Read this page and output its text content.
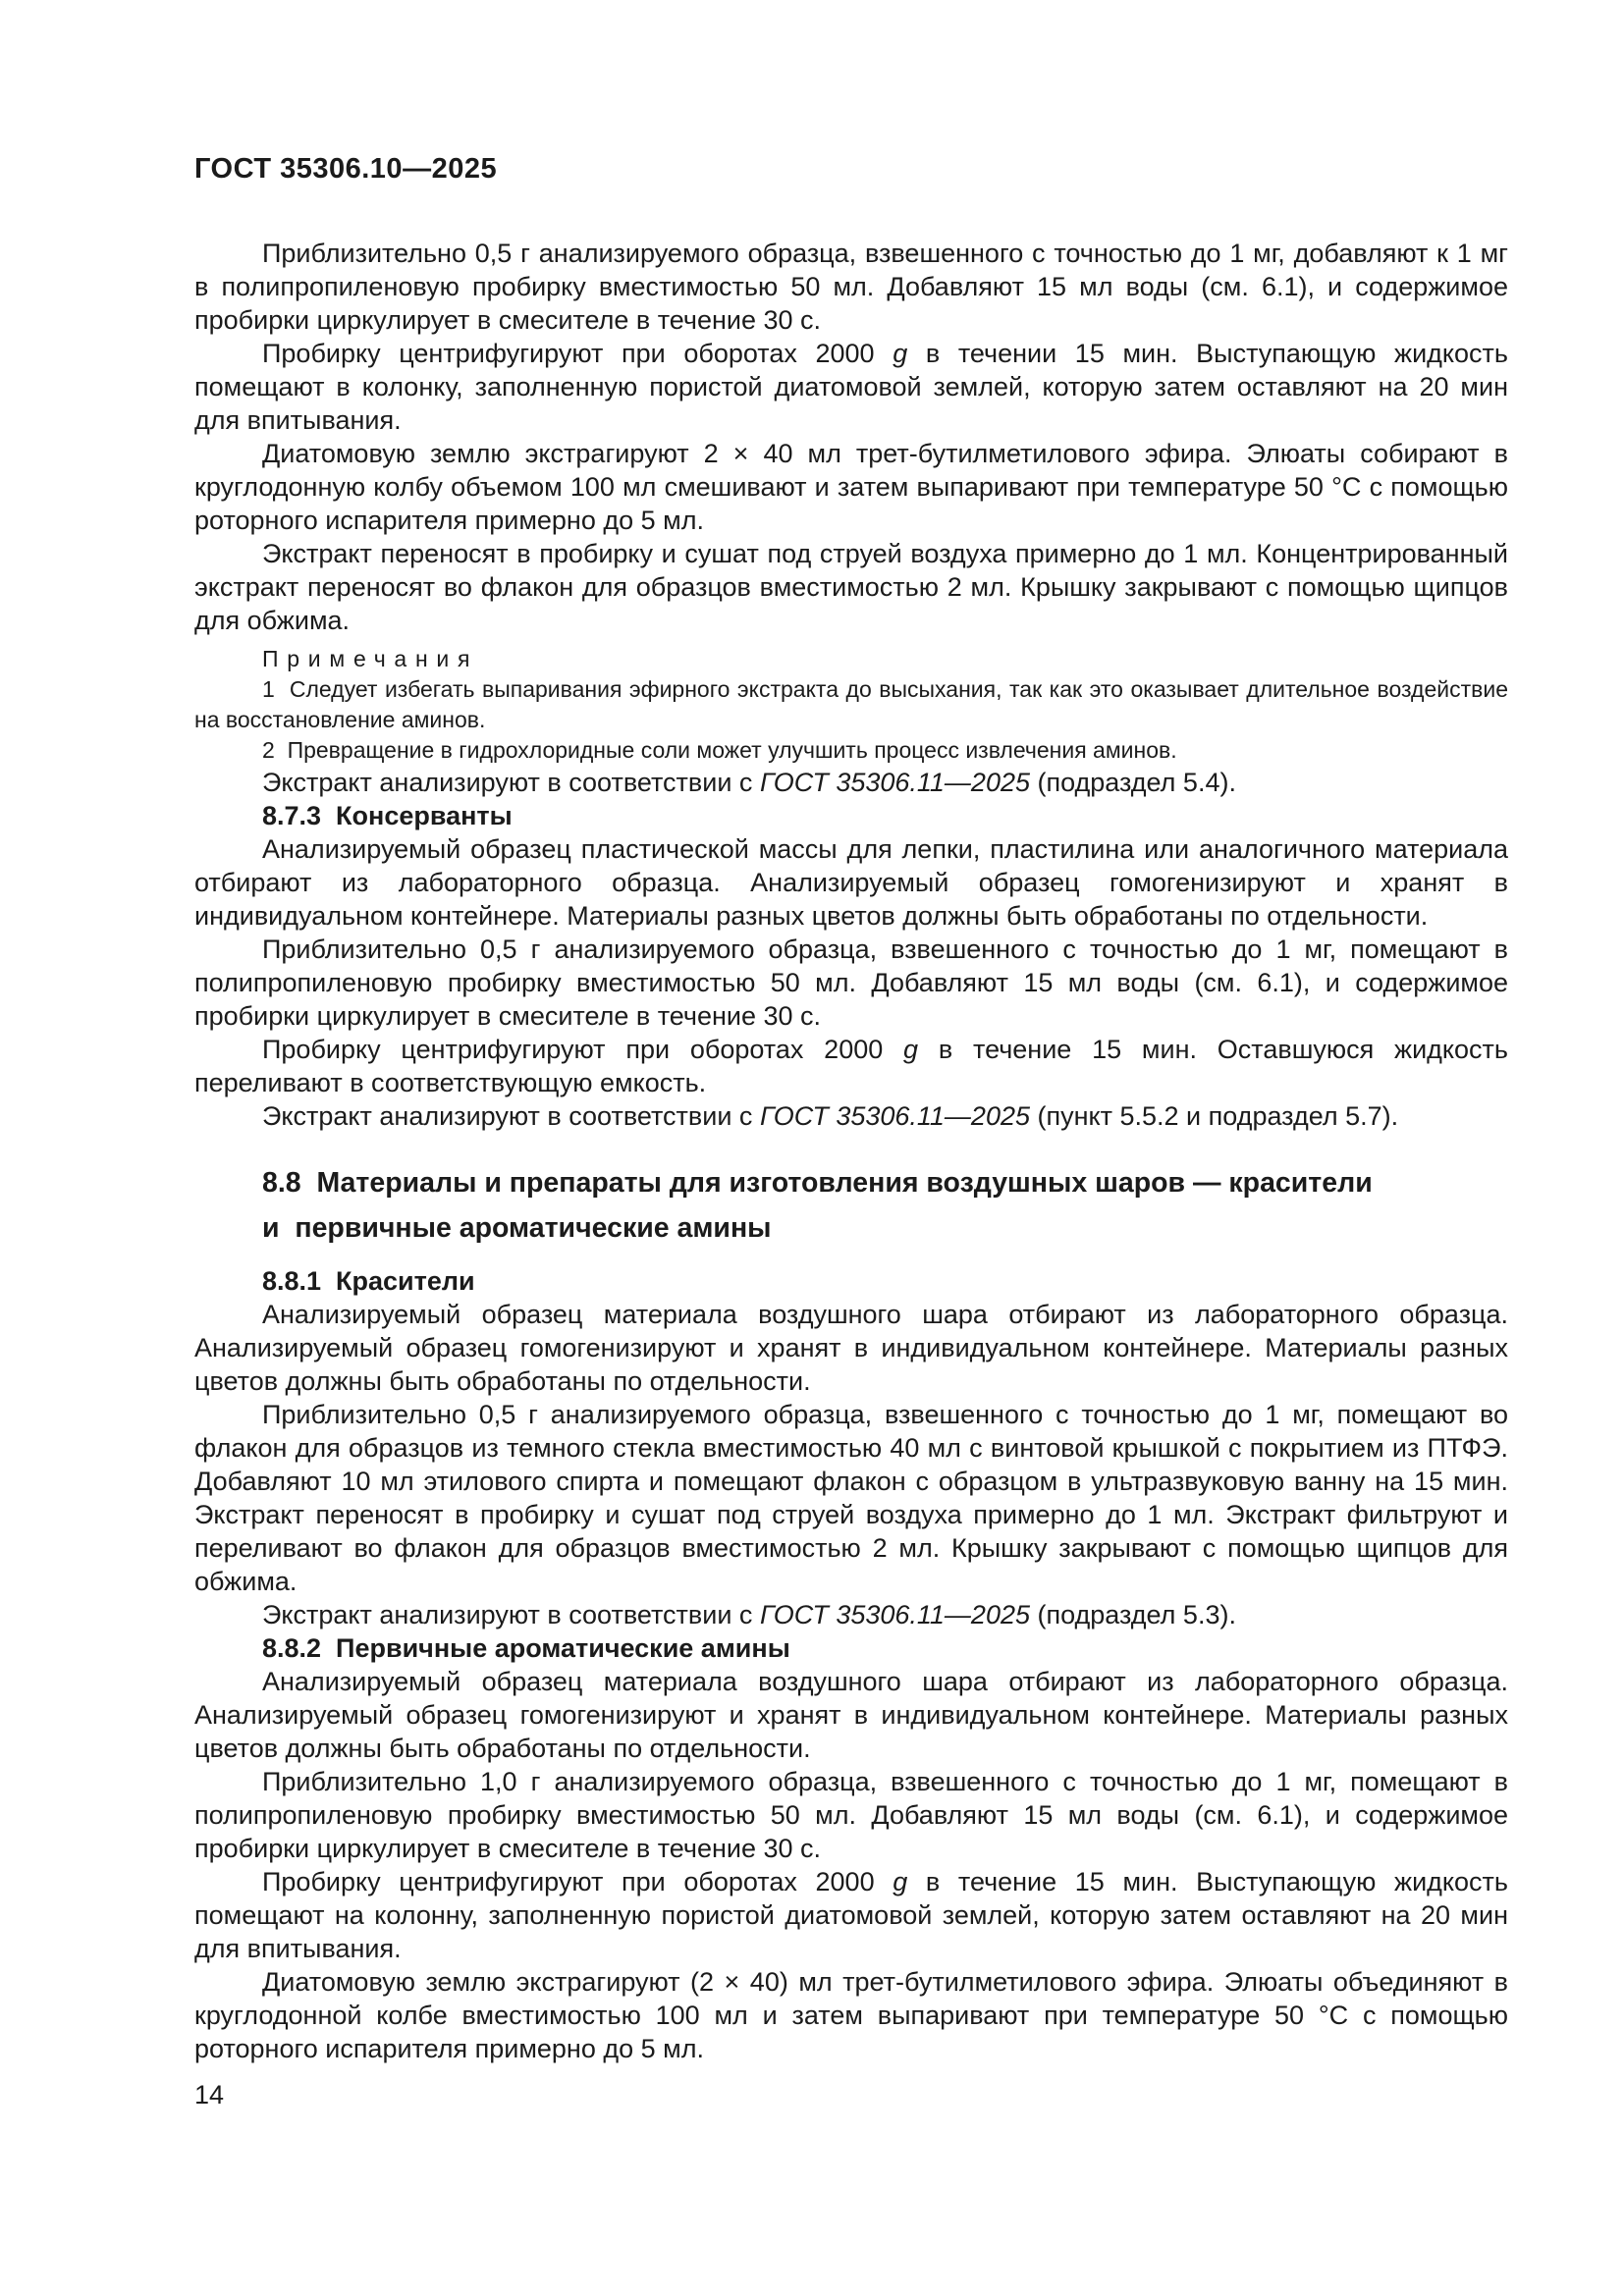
ГОСТ 35306.10—2025

Приблизительно 0,5 г анализируемого образца, взвешенного с точностью до 1 мг, добавляют к 1 мг в полипропиленовую пробирку вместимостью 50 мл. Добавляют 15 мл воды (см. 6.1), и содержимое пробирки циркулирует в смесителе в течение 30 с.

Пробирку центрифугируют при оборотах 2000 g в течении 15 мин. Выступающую жидкость помещают в колонку, заполненную пористой диатомовой землей, которую затем оставляют на 20 мин для впитывания.

Диатомовую землю экстрагируют 2 × 40 мл трет-бутилметилового эфира. Элюаты собирают в круглодонную колбу объемом 100 мл смешивают и затем выпаривают при температуре 50 °С с помощью роторного испарителя примерно до 5 мл.

Экстракт переносят в пробирку и сушат под струей воздуха примерно до 1 мл. Концентрированный экстракт переносят во флакон для образцов вместимостью 2 мл. Крышку закрывают с помощью щипцов для обжима.

Примечания

1  Следует избегать выпаривания эфирного экстракта до высыхания, так как это оказывает длительное воздействие на восстановление аминов.

2  Превращение в гидрохлоридные соли может улучшить процесс извлечения аминов.

Экстракт анализируют в соответствии с ГОСТ 35306.11—2025 (подраздел 5.4).

8.7.3  Консерванты

Анализируемый образец пластической массы для лепки, пластилина или аналогичного материала отбирают из лабораторного образца. Анализируемый образец гомогенизируют и хранят в индивидуальном контейнере. Материалы разных цветов должны быть обработаны по отдельности.

Приблизительно 0,5 г анализируемого образца, взвешенного с точностью до 1 мг, помещают в полипропиленовую пробирку вместимостью 50 мл. Добавляют 15 мл воды (см. 6.1), и содержимое пробирки циркулирует в смесителе в течение 30 с.

Пробирку центрифугируют при оборотах 2000 g в течение 15 мин. Оставшуюся жидкость переливают в соответствующую емкость.

Экстракт анализируют в соответствии с ГОСТ 35306.11—2025 (пункт 5.5.2 и подраздел 5.7).

8.8  Материалы и препараты для изготовления воздушных шаров — красители
и  первичные ароматические амины
8.8.1  Красители

Анализируемый образец материала воздушного шара отбирают из лабораторного образца. Анализируемый образец гомогенизируют и хранят в индивидуальном контейнере. Материалы разных цветов должны быть обработаны по отдельности.

Приблизительно 0,5 г анализируемого образца, взвешенного с точностью до 1 мг, помещают во флакон для образцов из темного стекла вместимостью 40 мл с винтовой крышкой с покрытием из ПТФЭ. Добавляют 10 мл этилового спирта и помещают флакон с образцом в ультразвуковую ванну на 15 мин. Экстракт переносят в пробирку и сушат под струей воздуха примерно до 1 мл. Экстракт фильтруют и переливают во флакон для образцов вместимостью 2 мл. Крышку закрывают с помощью щипцов для обжима.

Экстракт анализируют в соответствии с ГОСТ 35306.11—2025 (подраздел 5.3).

8.8.2  Первичные ароматические амины

Анализируемый образец материала воздушного шара отбирают из лабораторного образца. Анализируемый образец гомогенизируют и хранят в индивидуальном контейнере. Материалы разных цветов должны быть обработаны по отдельности.

Приблизительно 1,0 г анализируемого образца, взвешенного с точностью до 1 мг, помещают в полипропиленовую пробирку вместимостью 50 мл. Добавляют 15 мл воды (см. 6.1), и содержимое пробирки циркулирует в смесителе в течение 30 с.

Пробирку центрифугируют при оборотах 2000 g в течение 15 мин. Выступающую жидкость помещают на колонну, заполненную пористой диатомовой землей, которую затем оставляют на 20 мин для впитывания.

Диатомовую землю экстрагируют (2 × 40) мл трет-бутилметилового эфира. Элюаты объединяют в круглодонной колбе вместимостью 100 мл и затем выпаривают при температуре 50 °С с помощью роторного испарителя примерно до 5 мл.

14
